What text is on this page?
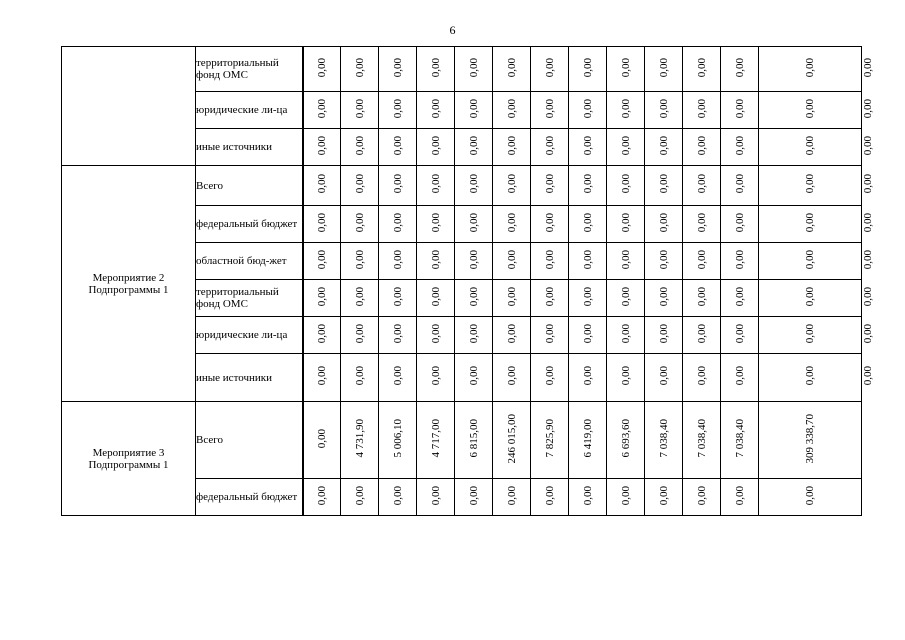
6
	территориальный фонд ОМС	0,00	0,00	0,00	0,00	0,00	0,00	0,00	0,00	0,00	0,00	0,00	0,00	0,00	0,00
	юридические ли-ца	0,00	0,00	0,00	0,00	0,00	0,00	0,00	0,00	0,00	0,00	0,00	0,00	0,00	0,00
	иные источники	0,00	0,00	0,00	0,00	0,00	0,00	0,00	0,00	0,00	0,00	0,00	0,00	0,00	0,00
Мероприятие 2 Подпрограммы 1	Всего	0,00	0,00	0,00	0,00	0,00	0,00	0,00	0,00	0,00	0,00	0,00	0,00	0,00	0,00
	федеральный бюджет	0,00	0,00	0,00	0,00	0,00	0,00	0,00	0,00	0,00	0,00	0,00	0,00	0,00	0,00
	областной бюд-жет	0,00	0,00	0,00	0,00	0,00	0,00	0,00	0,00	0,00	0,00	0,00	0,00	0,00	0,00
	территориальный фонд ОМС	0,00	0,00	0,00	0,00	0,00	0,00	0,00	0,00	0,00	0,00	0,00	0,00	0,00	0,00
	юридические ли-ца	0,00	0,00	0,00	0,00	0,00	0,00	0,00	0,00	0,00	0,00	0,00	0,00	0,00	0,00
	иные источники	0,00	0,00	0,00	0,00	0,00	0,00	0,00	0,00	0,00	0,00	0,00	0,00	0,00	0,00
Мероприятие 3 Подпрограммы 1	Всего	0,00	4 731,90	5 006,10	4 717,00	6 815,00	246 015,00	7 825,90	6 419,00	6 693,60	7 038,40	7 038,40	7 038,40	309 338,70	
	федеральный бюджет	0,00	0,00	0,00	0,00	0,00	0,00	0,00	0,00	0,00	0,00	0,00	0,00	0,00	
